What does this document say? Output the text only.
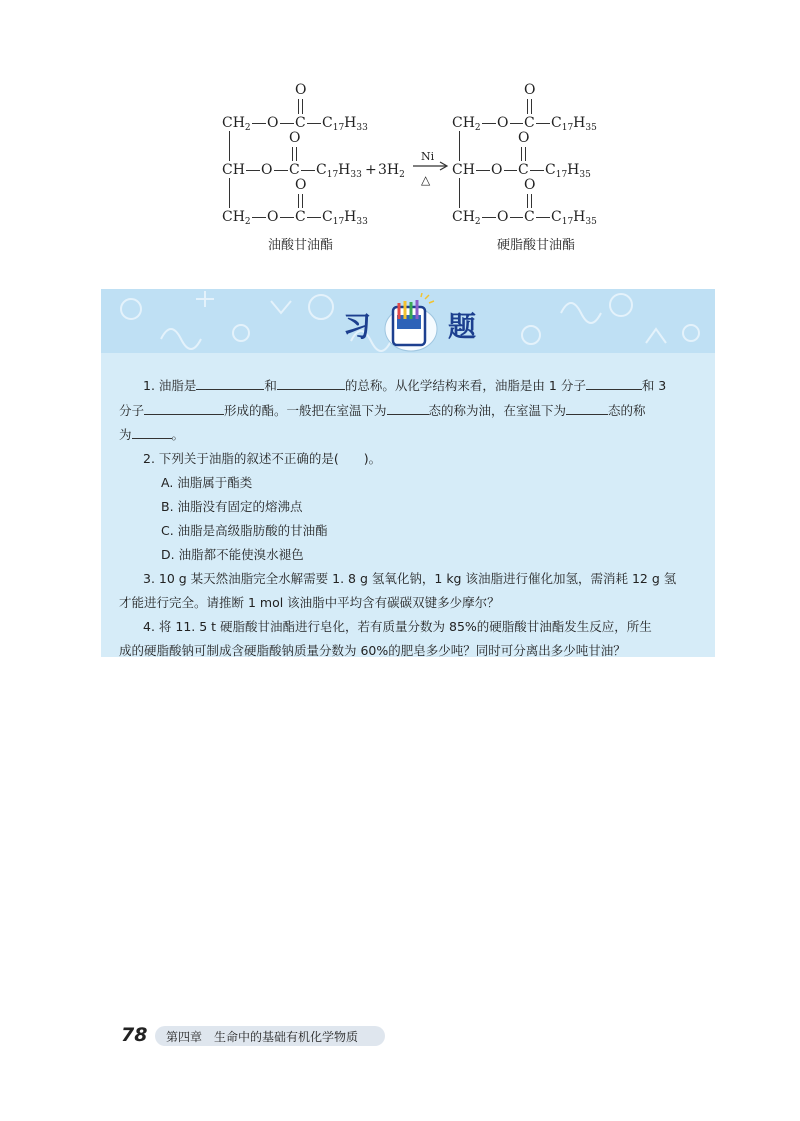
O
O
O
$CH_2$ O C $C_{17}H_{33}$
CH O C $C_{17}H_{33}$
$CH_2$ O C $C_{17}H_{33}$
+ $3H_2$
Ni
△
O
O
O
$CH_2$ O C $C_{17}H_{35}$
CH O C $C_{17}H_{35}$
$CH_2$ O C $C_{17}H_{35}$
油酸甘油酯	硬脂酸甘油酯
习	题
1. 油脂是	和	的总称。从化学结构来看，油脂是由 1 分子	和 3
分子	形成的酯。一般把在室温下为	态的称为油，在室温下为	态的称
为	。
2. 下列关于油脂的叙述不正确的是(　　)。
A. 油脂属于酯类
B. 油脂没有固定的熔沸点
C. 油脂是高级脂肪酸的甘油酯
D. 油脂都不能使溴水褪色
3. 10 g 某天然油脂完全水解需要 1. 8 g 氢氧化钠，1 kg 该油脂进行催化加氢，需消耗 12 g 氢
才能进行完全。请推断 1 mol 该油脂中平均含有碳碳双键多少摩尔？
4. 将 11. 5 t 硬脂酸甘油酯进行皂化，若有质量分数为 85%的硬脂酸甘油酯发生反应，所生
成的硬脂酸钠可制成含硬脂酸钠质量分数为 60%的肥皂多少吨？同时可分离出多少吨甘油？
78 第四章　生命中的基础有机化学物质
